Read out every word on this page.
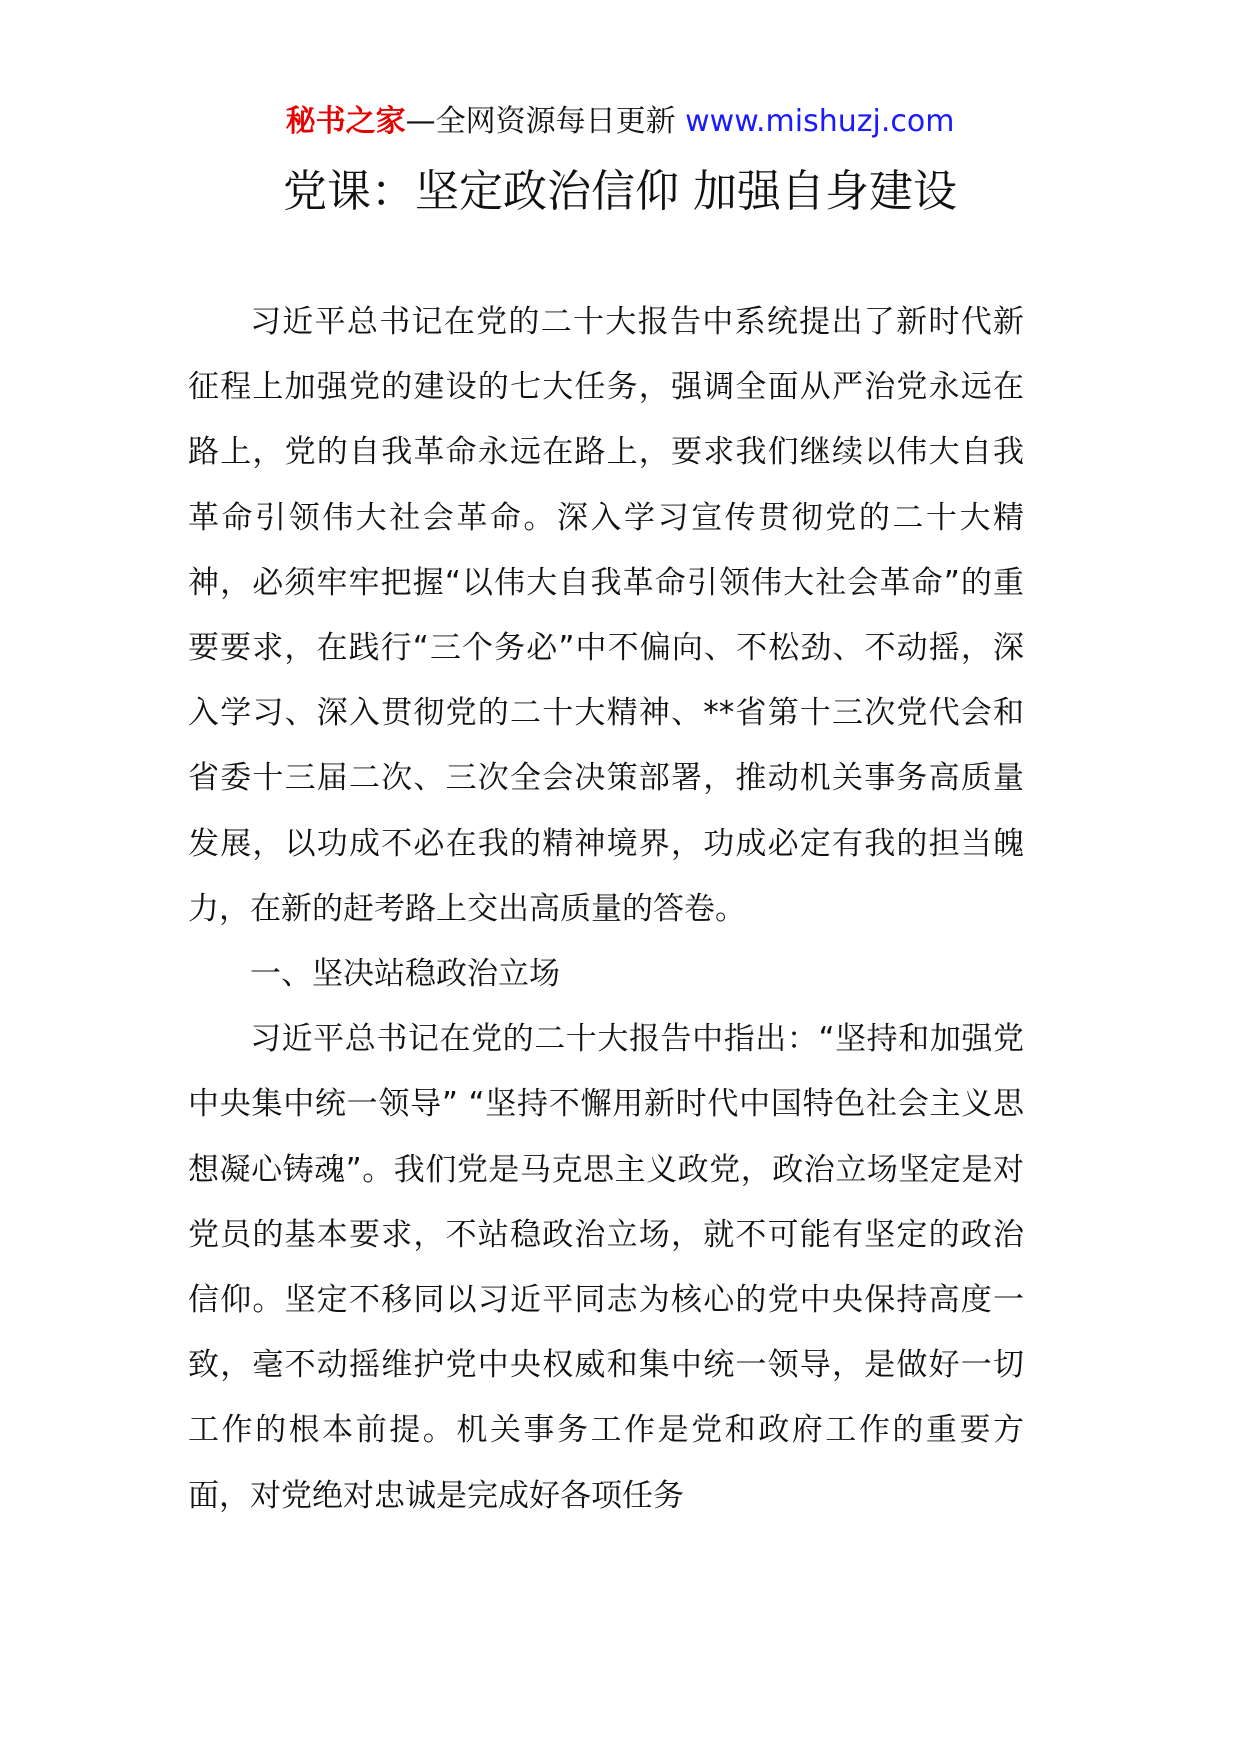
秘书之家—全网资源每日更新 www.mishuzj.com
党课：坚定政治信仰 加强自身建设

习近平总书记在党的二十大报告中系统提出了新时代新征程上加强党的建设的七大任务，强调全面从严治党永远在路上，党的自我革命永远在路上，要求我们继续以伟大自我革命引领伟大社会革命。深入学习宣传贯彻党的二十大精神，必须牢牢把握“以伟大自我革命引领伟大社会革命”的重要要求，在践行“三个务必”中不偏向、不松劲、不动摇，深入学习、深入贯彻党的二十大精神、**省第十三次党代会和省委十三届二次、三次全会决策部署，推动机关事务高质量发展，以功成不必在我的精神境界，功成必定有我的担当魄力，在新的赶考路上交出高质量的答卷。

一、坚决站稳政治立场

习近平总书记在党的二十大报告中指出：“坚持和加强党中央集中统一领导” “坚持不懈用新时代中国特色社会主义思想凝心铸魂”。我们党是马克思主义政党，政治立场坚定是对党员的基本要求，不站稳政治立场，就不可能有坚定的政治信仰。坚定不移同以习近平同志为核心的党中央保持高度一致，毫不动摇维护党中央权威和集中统一领导，是做好一切工作的根本前提。机关事务工作是党和政府工作的重要方面，对党绝对忠诚是完成好各项任务
